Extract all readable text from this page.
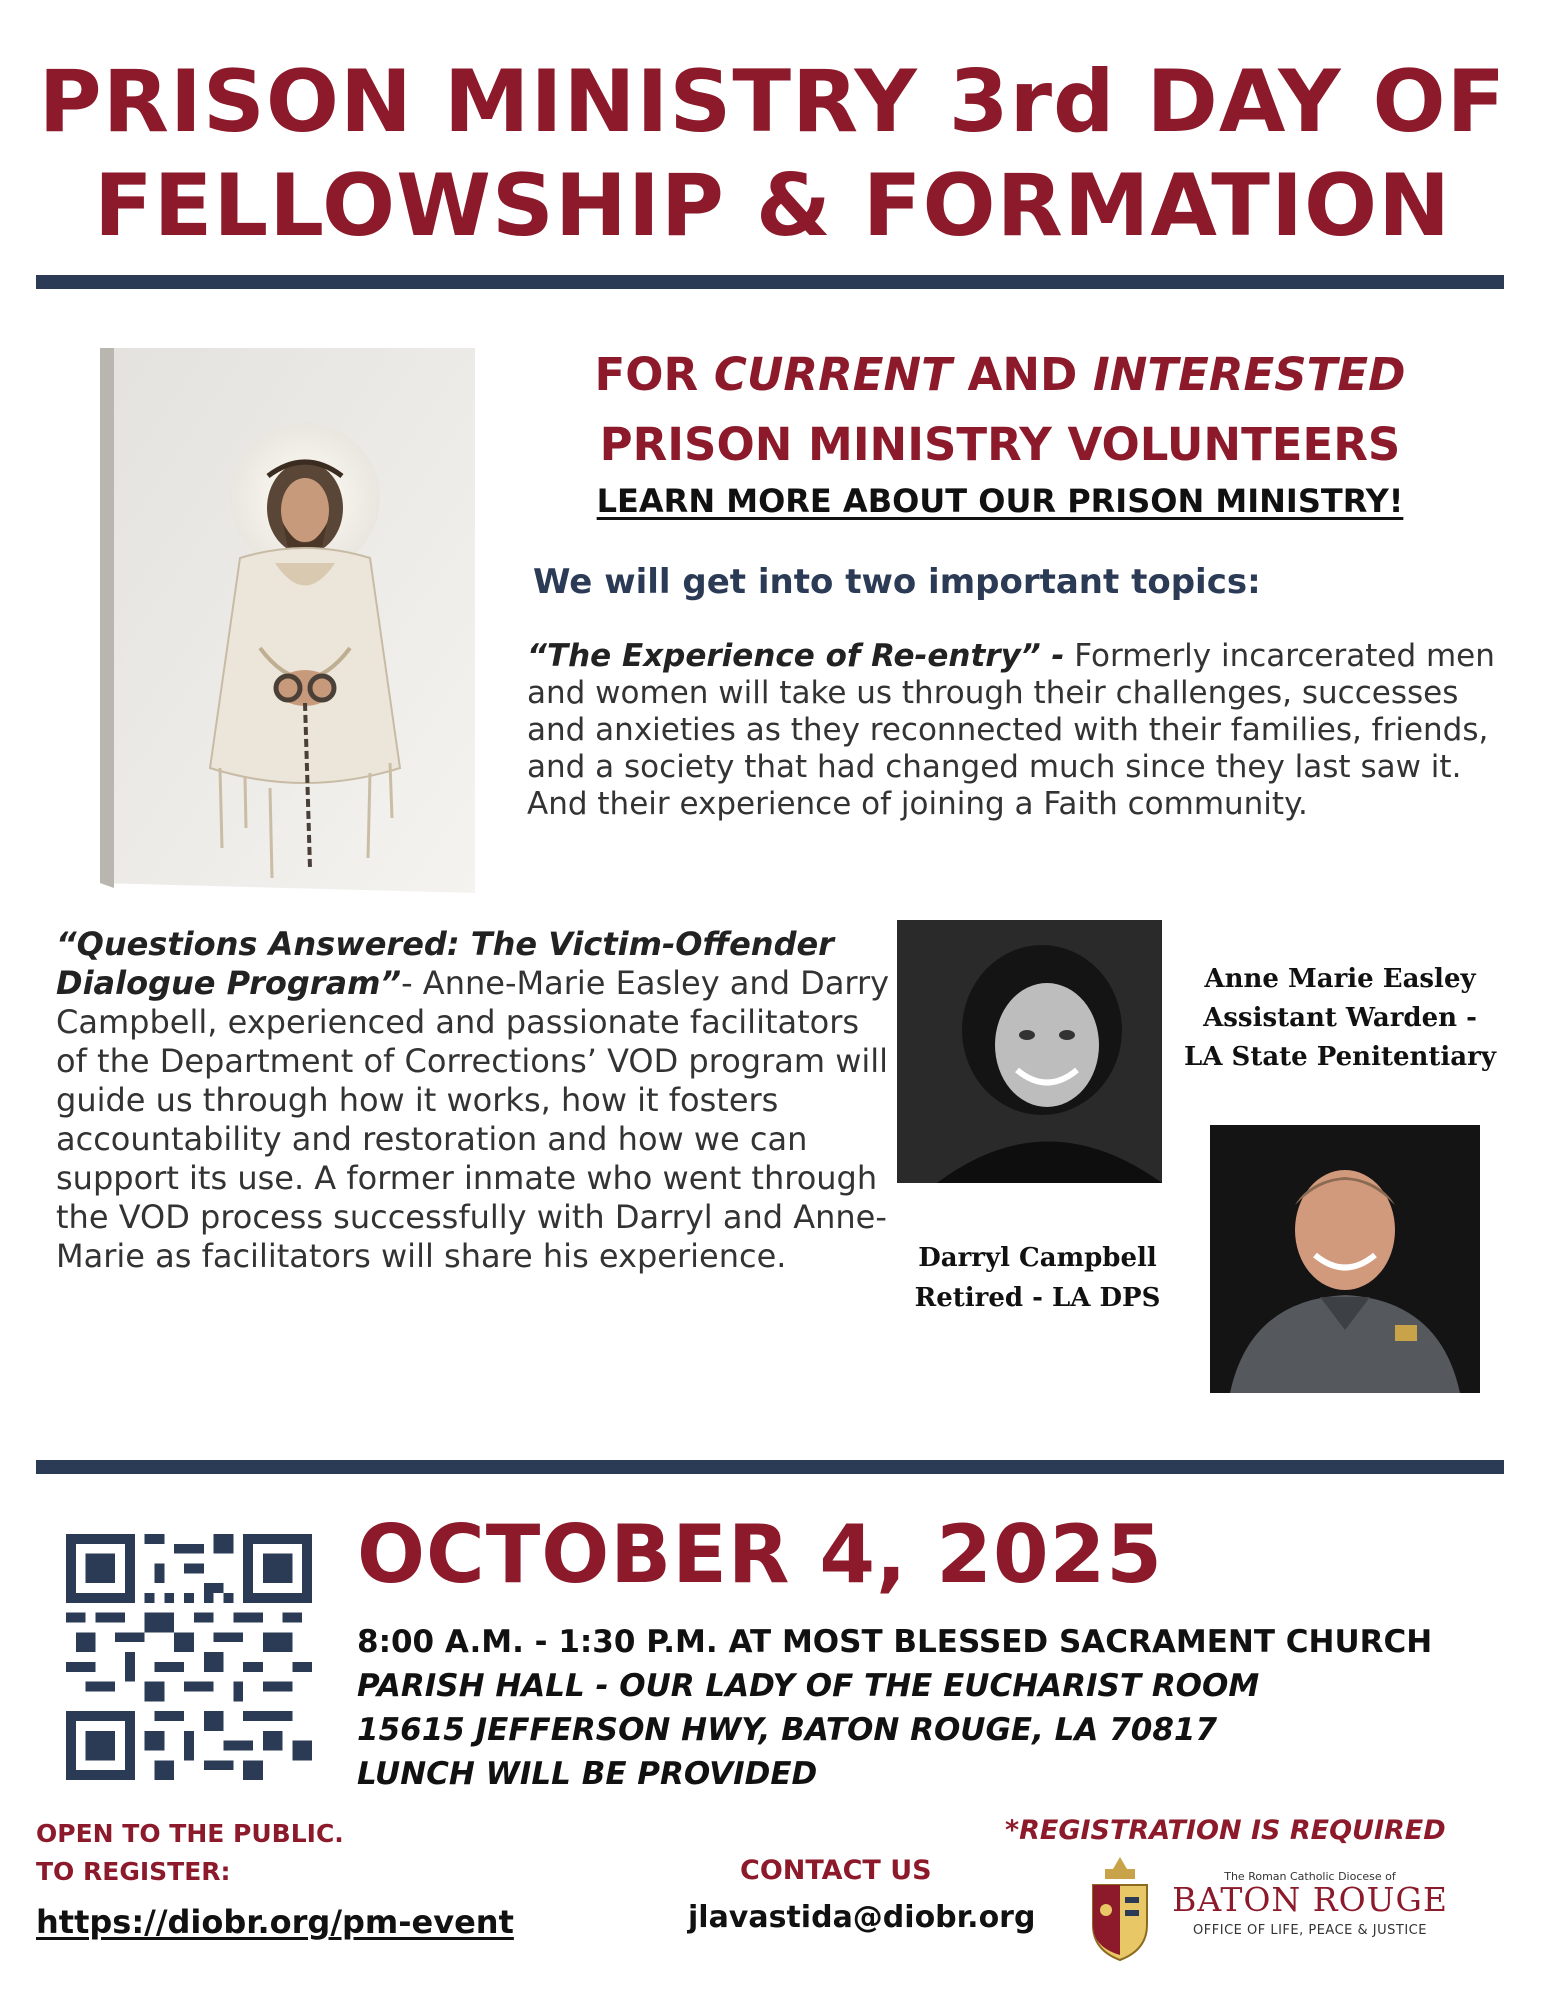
PRISON MINISTRY 3rd DAY OF
FELLOWSHIP & FORMATION
FOR CURRENT AND INTERESTED
PRISON MINISTRY VOLUNTEERS
LEARN MORE ABOUT OUR PRISON MINISTRY!
We will get into two important topics:
“The Experience of Re-entry” - Formerly incarcerated men and women will take us through their challenges, successes and anxieties as they reconnected with their families, friends, and a society that had changed much since they last saw it. And their experience of joining a Faith community.
“Questions Answered: The Victim-Offender Dialogue Program”- Anne-Marie Easley and Darry Campbell, experienced and passionate facilitators of the Department of Corrections’ VOD program will guide us through how it works, how it fosters accountability and restoration and how we can support its use. A former inmate who went through the VOD process successfully with Darryl and Anne-Marie as facilitators will share his experience.
Anne Marie Easley
Assistant Warden -
LA State Penitentiary
Darryl Campbell
Retired - LA DPS
OCTOBER 4, 2025
8:00 A.M. - 1:30 P.M. AT MOST BLESSED SACRAMENT CHURCH
PARISH HALL - OUR LADY OF THE EUCHARIST ROOM
15615 JEFFERSON HWY, BATON ROUGE, LA 70817
LUNCH WILL BE PROVIDED
OPEN TO THE PUBLIC.
TO REGISTER:
*REGISTRATION IS REQUIRED
CONTACT US
https://diobr.org/pm-event	jlavastida@diobr.org
The Roman Catholic Diocese of
BATON ROUGE
OFFICE OF LIFE, PEACE & JUSTICE
